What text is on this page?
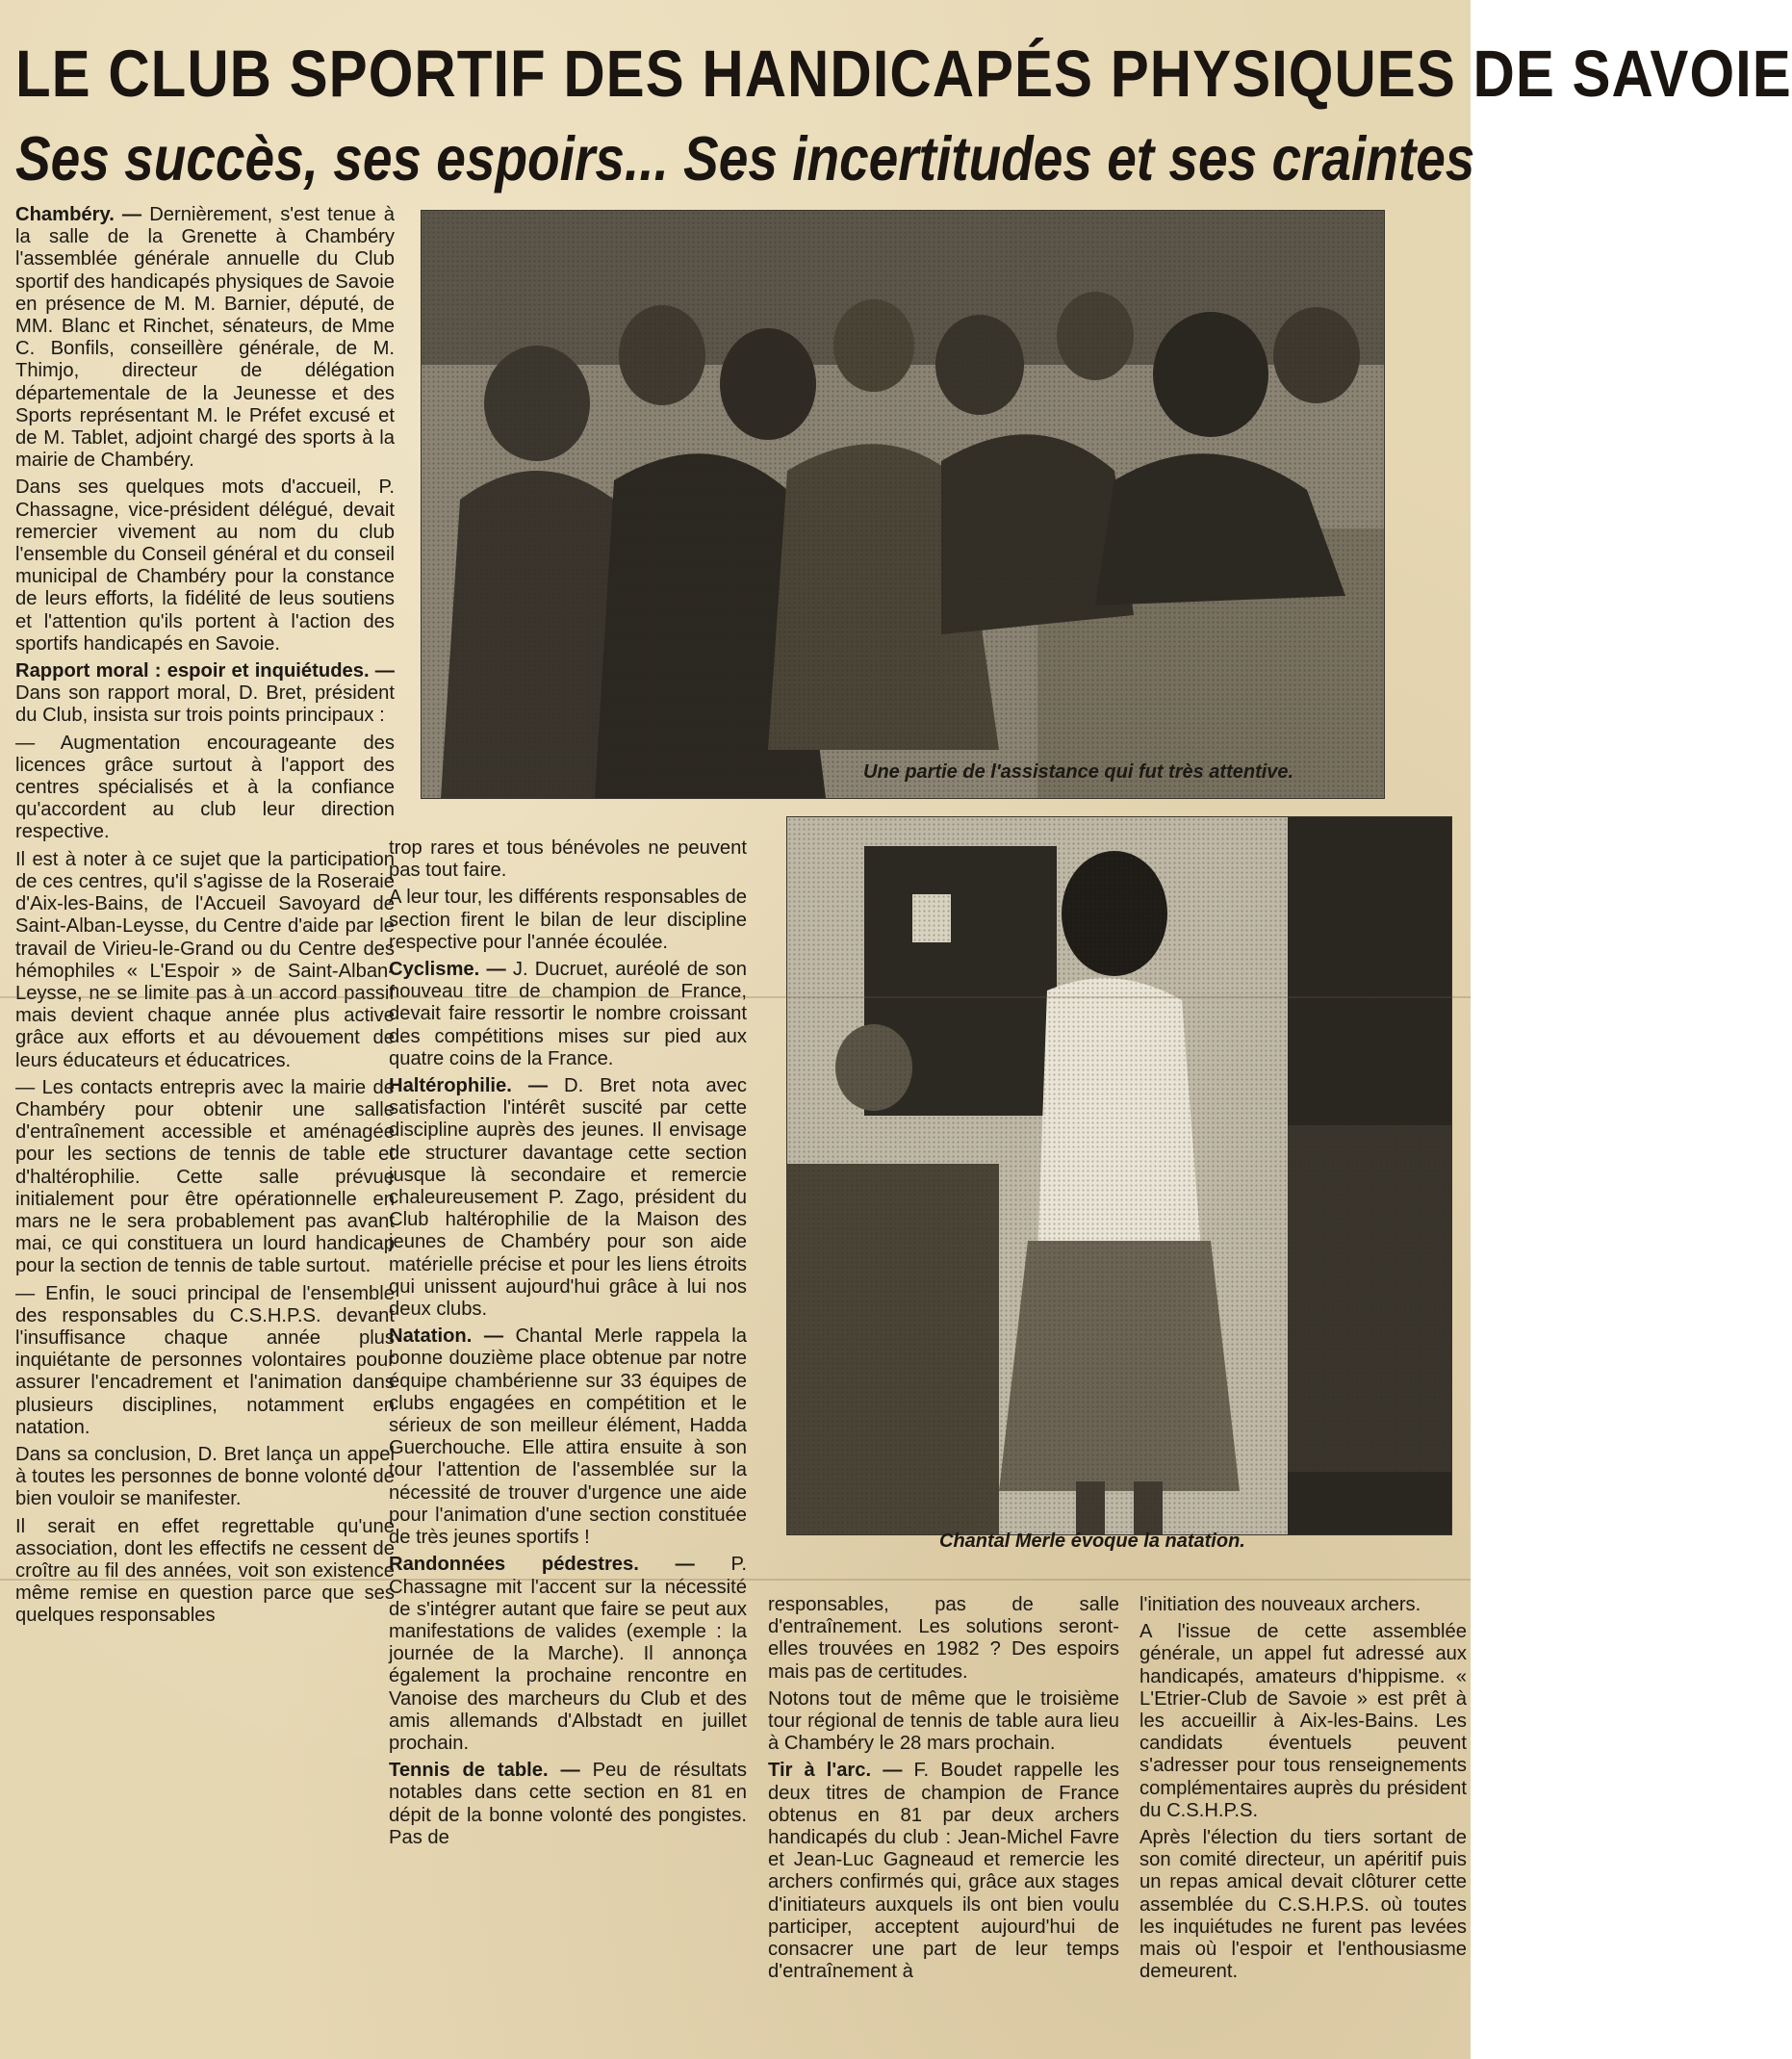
LE CLUB SPORTIF DES HANDICAPÉS PHYSIQUES DE SAVOIE
Ses succès, ses espoirs... Ses incertitudes et ses craintes
Une partie de l'assistance qui fut très attentive.
Chantal Merle évoque la natation.

Chambéry. — Dernièrement, s'est tenue à la salle de la Grenette à Chambéry l'assemblée générale annuelle du Club sportif des handicapés physiques de Savoie en présence de M. M. Barnier, député, de MM. Blanc et Rinchet, sénateurs, de Mme C. Bonfils, conseillère générale, de M. Thimjo, directeur de délégation départementale de la Jeunesse et des Sports représentant M. le Préfet excusé et de M. Tablet, adjoint chargé des sports à la mairie de Chambéry.

Dans ses quelques mots d'accueil, P. Chassagne, vice-président délégué, devait remercier vivement au nom du club l'ensemble du Conseil général et du conseil municipal de Chambéry pour la constance de leurs efforts, la fidélité de leus soutiens et l'attention qu'ils portent à l'action des sportifs handicapés en Savoie.

Rapport moral : espoir et inquiétudes. — Dans son rapport moral, D. Bret, président du Club, insista sur trois points principaux :

— Augmentation encourageante des licences grâce surtout à l'apport des centres spécialisés et à la confiance qu'accordent au club leur direction respective.

Il est à noter à ce sujet que la participation de ces centres, qu'il s'agisse de la Roseraie d'Aix-les-Bains, de l'Accueil Savoyard de Saint-Alban-Leysse, du Centre d'aide par le travail de Virieu-le-Grand ou du Centre des hémophiles « L'Espoir » de Saint-Alban-Leysse, ne se limite pas à un accord passif mais devient chaque année plus active grâce aux efforts et au dévouement de leurs éducateurs et éducatrices.

— Les contacts entrepris avec la mairie de Chambéry pour obtenir une salle d'entraînement accessible et aménagée pour les sections de tennis de table et d'haltérophilie. Cette salle prévue initialement pour être opérationnelle en mars ne le sera probablement pas avant mai, ce qui constituera un lourd handicap pour la section de tennis de table surtout.

— Enfin, le souci principal de l'ensemble des responsables du C.S.H.P.S. devant l'insuffisance chaque année plus inquiétante de personnes volontaires pour assurer l'encadrement et l'animation dans plusieurs disciplines, notamment en natation.

Dans sa conclusion, D. Bret lança un appel à toutes les personnes de bonne volonté de bien vouloir se manifester.

Il serait en effet regrettable qu'une association, dont les effectifs ne cessent de croître au fil des années, voit son existence même remise en question parce que ses quelques responsables

trop rares et tous bénévoles ne peuvent pas tout faire.

A leur tour, les différents responsables de section firent le bilan de leur discipline respective pour l'année écoulée.

Cyclisme. — J. Ducruet, auréolé de son nouveau titre de champion de France, devait faire ressortir le nombre croissant des compétitions mises sur pied aux quatre coins de la France.

Haltérophilie. — D. Bret nota avec satisfaction l'intérêt suscité par cette discipline auprès des jeunes. Il envisage de structurer davantage cette section jusque là secondaire et remercie chaleureusement P. Zago, président du Club haltérophilie de la Maison des jeunes de Chambéry pour son aide matérielle précise et pour les liens étroits qui unissent aujourd'hui grâce à lui nos deux clubs.

Natation. — Chantal Merle rappela la bonne douzième place obtenue par notre équipe chambérienne sur 33 équipes de clubs engagées en compétition et le sérieux de son meilleur élément, Hadda Guerchouche. Elle attira ensuite à son tour l'attention de l'assemblée sur la nécessité de trouver d'urgence une aide pour l'animation d'une section constituée de très jeunes sportifs !

Randonnées pédestres. — P. Chassagne mit l'accent sur la nécessité de s'intégrer autant que faire se peut aux manifestations de valides (exemple : la journée de la Marche). Il annonça également la prochaine rencontre en Vanoise des marcheurs du Club et des amis allemands d'Albstadt en juillet prochain.

Tennis de table. — Peu de résultats notables dans cette section en 81 en dépit de la bonne volonté des pongistes. Pas de

responsables, pas de salle d'entraînement. Les solutions seront-elles trouvées en 1982 ? Des espoirs mais pas de certitudes.

Notons tout de même que le troisième tour régional de tennis de table aura lieu à Chambéry le 28 mars prochain.

Tir à l'arc. — F. Boudet rappelle les deux titres de champion de France obtenus en 81 par deux archers handicapés du club : Jean-Michel Favre et Jean-Luc Gagneaud et remercie les archers confirmés qui, grâce aux stages d'initiateurs auxquels ils ont bien voulu participer, acceptent aujourd'hui de consacrer une part de leur temps d'entraînement à

l'initiation des nouveaux archers.

A l'issue de cette assemblée générale, un appel fut adressé aux handicapés, amateurs d'hippisme. « L'Etrier-Club de Savoie » est prêt à les accueillir à Aix-les-Bains. Les candidats éventuels peuvent s'adresser pour tous renseignements complémentaires auprès du président du C.S.H.P.S.

Après l'élection du tiers sortant de son comité directeur, un apéritif puis un repas amical devait clôturer cette assemblée du C.S.H.P.S. où toutes les inquiétudes ne furent pas levées mais où l'espoir et l'enthousiasme demeurent.
